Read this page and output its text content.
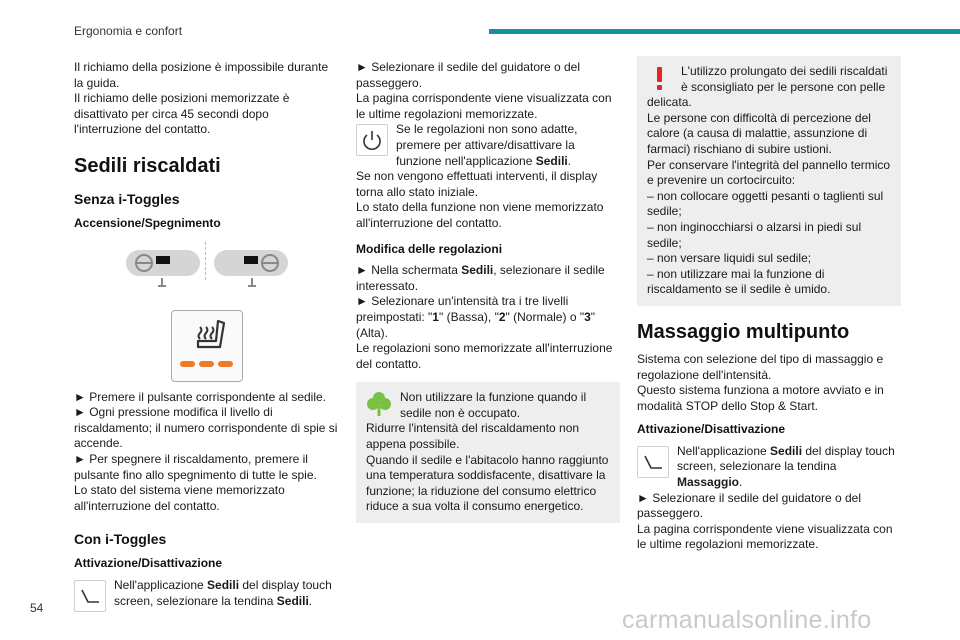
Ergonomia e confort

Il richiamo della posizione è impossibile durante la guida.

Il richiamo delle posizioni memorizzate è disattivato per circa 45 secondi dopo l'interruzione del contatto.

Sedili riscaldati
Senza i-Toggles
Accensione/Spegnimento

► Premere il pulsante corrispondente al sedile.

► Ogni pressione modifica il livello di riscaldamento; il numero corrispondente di spie si accende.

► Per spegnere il riscaldamento, premere il pulsante fino allo spegnimento di tutte le spie.

Lo stato del sistema viene memorizzato all'interruzione del contatto.

Con i-Toggles
Attivazione/Disattivazione
Nell'applicazione Sedili del display touch screen, selezionare la tendina Sedili.

► Selezionare il sedile del guidatore o del passeggero.

La pagina corrispondente viene visualizzata con le ultime regolazioni memorizzate.

Se le regolazioni non sono adatte, premere per attivare/disattivare la funzione nell'applicazione Sedili.

Se non vengono effettuati interventi, il display torna allo stato iniziale.

Lo stato della funzione non viene memorizzato all'interruzione del contatto.

Modifica delle regolazioni

► Nella schermata Sedili, selezionare il sedile interessato.

► Selezionare un'intensità tra i tre livelli preimpostati: "1" (Bassa), "2" (Normale) o "3" (Alta).

Le regolazioni sono memorizzate all'interruzione del contatto.

Non utilizzare la funzione quando il sedile non è occupato.

Ridurre l'intensità del riscaldamento non appena possibile.

Quando il sedile e l'abitacolo hanno raggiunto una temperatura soddisfacente, disattivare la funzione; la riduzione del consumo elettrico riduce a sua volta il consumo energetico.

L'utilizzo prolungato dei sedili riscaldati è sconsigliato per le persone con pelle delicata.

Le persone con difficoltà di percezione del calore (a causa di malattie, assunzione di farmaci) rischiano di subire ustioni.

Per conservare l'integrità del pannello termico e prevenire un cortocircuito:

– non collocare oggetti pesanti o taglienti sul sedile;

– non inginocchiarsi o alzarsi in piedi sul sedile;

– non versare liquidi sul sedile;

– non utilizzare mai la funzione di riscaldamento se il sedile è umido.

Massaggio multipunto

Sistema con selezione del tipo di massaggio e regolazione dell'intensità.

Questo sistema funziona a motore avviato e in modalità STOP dello Stop & Start.

Attivazione/Disattivazione
Nell'applicazione Sedili del display touch screen, selezionare la tendina Massaggio.

► Selezionare il sedile del guidatore o del passeggero.

La pagina corrispondente viene visualizzata con le ultime regolazioni memorizzate.

54	carmanualsonline.info
